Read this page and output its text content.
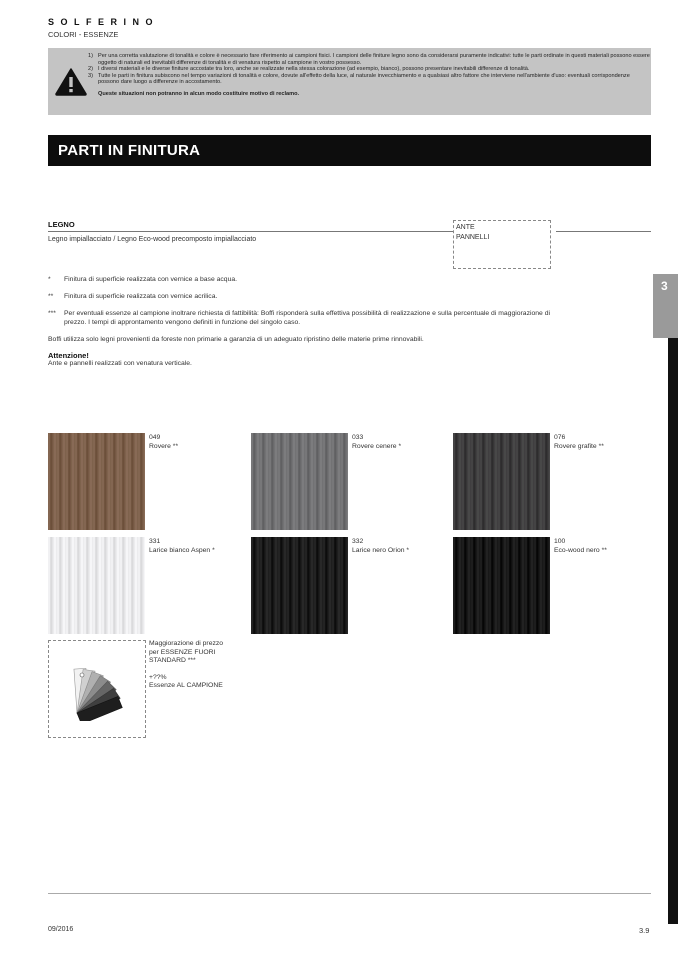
SOLFERINO
COLORI - ESSENZE
1) Per una corretta valutazione di tonalità e colore è necessario fare riferimento ai campioni fisici. I campioni delle finiture legno sono da considerarsi puramente indicativi: tutte le parti ordinate in questi materiali possono essere oggetto di naturali ed inevitabili differenze di tonalità e di venatura rispetto al campione in vostro possesso.
2) I diversi materiali e le diverse finiture accostate tra loro, anche se realizzate nella stessa colorazione (ad esempio, bianco), possono presentare inevitabili differenze di tonalità.
3) Tutte le parti in finitura subiscono nel tempo variazioni di tonalità e colore, dovute all'effetto della luce, al naturale invecchiamento e a qualsiasi altro fattore che interviene nell'ambiente d'uso: eventuali corrispondenze possono dare luogo a differenze in accostamento.
Queste situazioni non potranno in alcun modo costituire motivo di reclamo.
PARTI IN FINITURA
LEGNO
Legno impiallacciato / Legno Eco-wood precomposto impiallacciato
ANTE
PANNELLI
*	Finitura di superficie realizzata con vernice a base acqua.
**	Finitura di superficie realizzata con vernice acrilica.
***	Per eventuali essenze al campione inoltrare richiesta di fattibilità: Boffi risponderà sulla effettiva possibilità di realizzazione e sulla percentuale di maggiorazione di prezzo. I tempi di approntamento vengono definiti in funzione del singolo caso.
Boffi utilizza solo legni provenienti da foreste non primarie a garanzia di un adeguato ripristino delle materie prime rinnovabili.
Attenzione!
Ante e pannelli realizzati con venatura verticale.
049
Rovere **
033
Rovere cenere *
076
Rovere grafite **
331
Larice bianco Aspen *
332
Larice nero Orion *
100
Eco-wood nero **
Maggiorazione di prezzo
per ESSENZE FUORI
STANDARD ***
+??%
Essenze AL CAMPIONE
3
09/2016	3.9
